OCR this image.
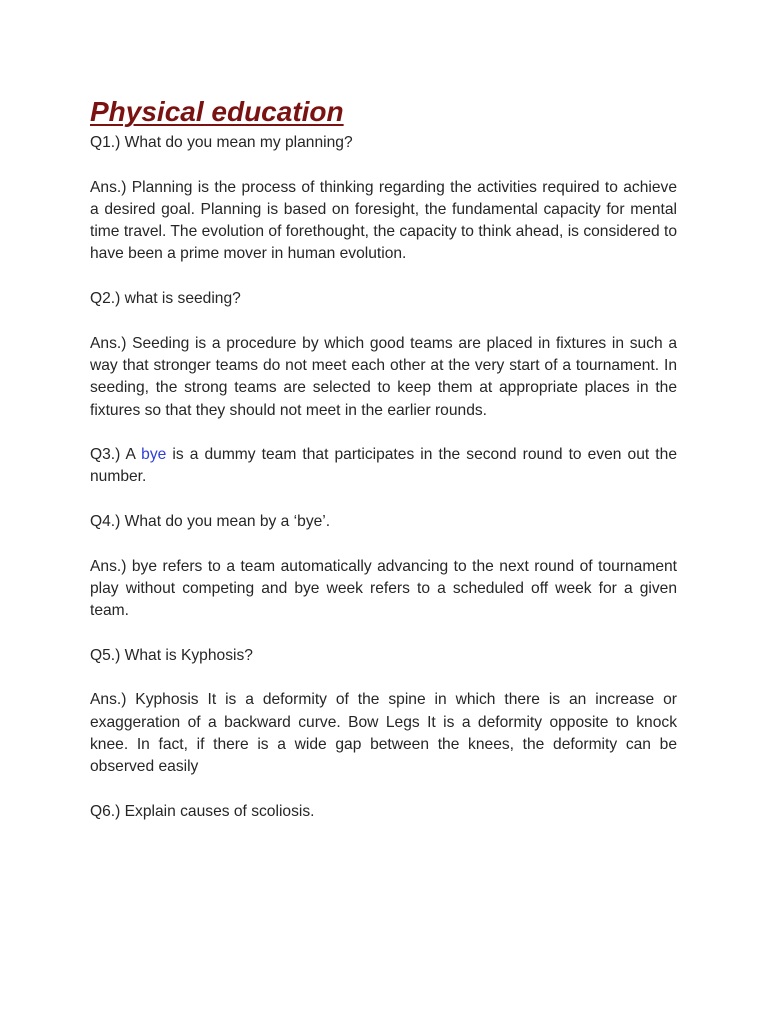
Physical education

Q1.) What do you mean my planning?

Ans.) Planning is the process of thinking regarding the activities required to achieve a desired goal. Planning is based on foresight, the fundamental capacity for mental time travel. The evolution of forethought, the capacity to think ahead, is considered to have been a prime mover in human evolution.

Q2.) what is seeding?

Ans.) Seeding is a procedure by which good teams are placed in fixtures in such a way that stronger teams do not meet each other at the very start of a tournament. In seeding, the strong teams are selected to keep them at appropriate places in the fixtures so that they should not meet in the earlier rounds.

Q3.) A bye is a dummy team that participates in the second round to even out the number.

Q4.) What do you mean by a ‘bye’.

Ans.) bye refers to a team automatically advancing to the next round of tournament play without competing and bye week refers to a scheduled off week for a given team.

Q5.) What is Kyphosis?

Ans.) Kyphosis It is a deformity of the spine in which there is an increase or exaggeration of a backward curve. Bow Legs It is a deformity opposite to knock knee. In fact, if there is a wide gap between the knees, the deformity can be observed easily

Q6.) Explain causes of scoliosis.
